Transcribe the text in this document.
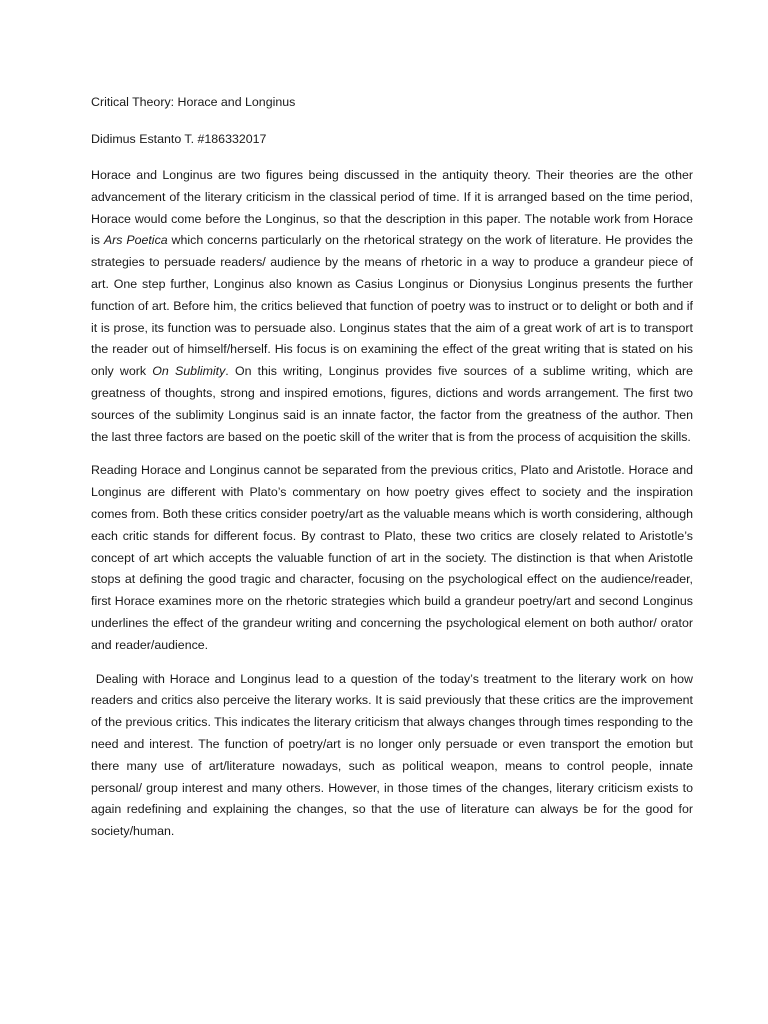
Critical Theory: Horace and Longinus
Didimus Estanto T. #186332017

Horace and Longinus are two figures being discussed in the antiquity theory. Their theories are the other advancement of the literary criticism in the classical period of time. If it is arranged based on the time period, Horace would come before the Longinus, so that the description in this paper. The notable work from Horace is Ars Poetica which concerns particularly on the rhetorical strategy on the work of literature. He provides the strategies to persuade readers/ audience by the means of rhetoric in a way to produce a grandeur piece of art. One step further, Longinus also known as Casius Longinus or Dionysius Longinus presents the further function of art. Before him, the critics believed that function of poetry was to instruct or to delight or both and if it is prose, its function was to persuade also. Longinus states that the aim of a great work of art is to transport the reader out of himself/herself. His focus is on examining the effect of the great writing that is stated on his only work On Sublimity. On this writing, Longinus provides five sources of a sublime writing, which are greatness of thoughts, strong and inspired emotions, figures, dictions and words arrangement. The first two sources of the sublimity Longinus said is an innate factor, the factor from the greatness of the author. Then the last three factors are based on the poetic skill of the writer that is from the process of acquisition the skills.

Reading Horace and Longinus cannot be separated from the previous critics, Plato and Aristotle. Horace and Longinus are different with Plato’s commentary on how poetry gives effect to society and the inspiration comes from. Both these critics consider poetry/art as the valuable means which is worth considering, although each critic stands for different focus. By contrast to Plato, these two critics are closely related to Aristotle’s concept of art which accepts the valuable function of art in the society. The distinction is that when Aristotle stops at defining the good tragic and character, focusing on the psychological effect on the audience/reader, first Horace examines more on the rhetoric strategies which build a grandeur poetry/art and second Longinus underlines the effect of the grandeur writing and concerning the psychological element on both author/ orator and reader/audience.

Dealing with Horace and Longinus lead to a question of the today’s treatment to the literary work on how readers and critics also perceive the literary works. It is said previously that these critics are the improvement of the previous critics. This indicates the literary criticism that always changes through times responding to the need and interest. The function of poetry/art is no longer only persuade or even transport the emotion but there many use of art/literature nowadays, such as political weapon, means to control people, innate personal/ group interest and many others. However, in those times of the changes, literary criticism exists to again redefining and explaining the changes, so that the use of literature can always be for the good for society/human.
